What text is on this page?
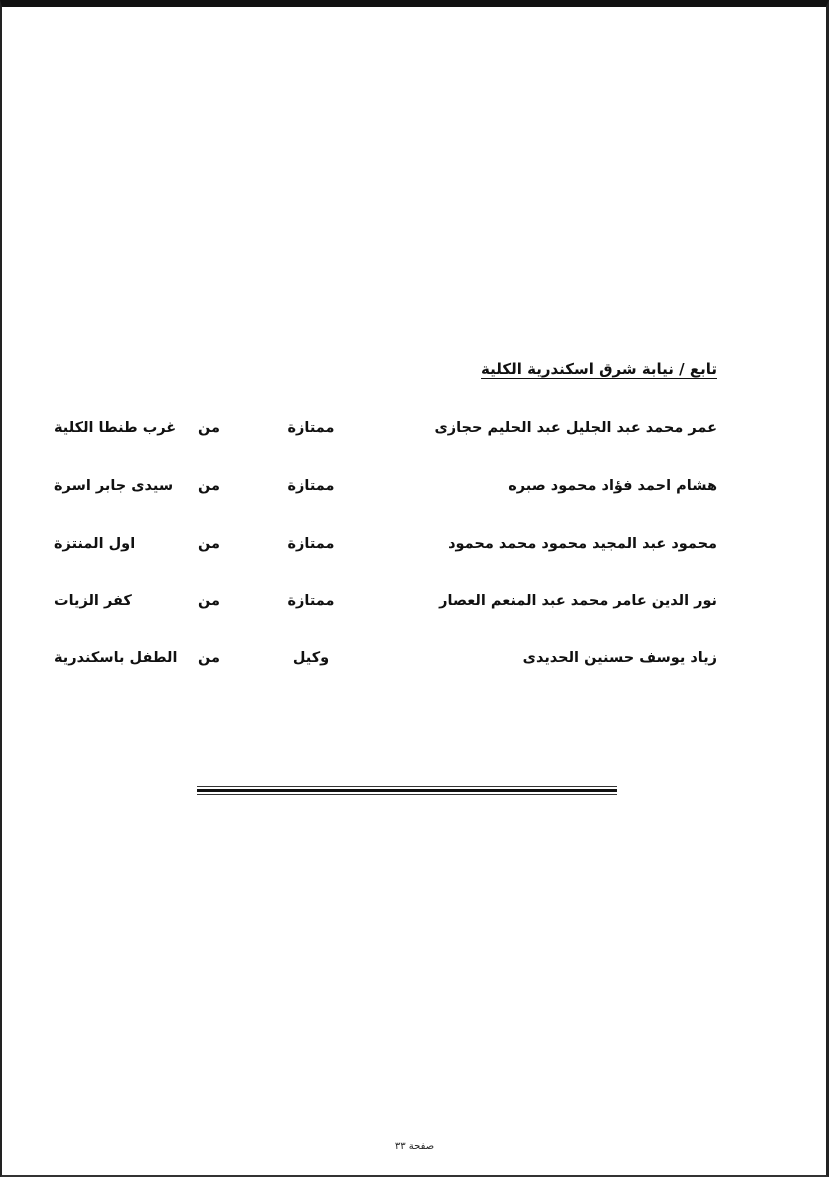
تابع / نيابة شرق اسكندرية الكلية
عمر محمد عبد الجليل عبد الحليم حجازى
ممتازة
من
غرب طنطا الكلية
هشام احمد فؤاد محمود صبره
ممتازة
من
سيدى جابر اسرة
محمود عبد المجيد محمود محمد محمود
ممتازة
من
اول المنتزة
نور الدين عامر محمد عبد المنعم العصار
ممتازة
من
كفر الزيات
زياد يوسف حسنين الحديدى
وكيل
من
الطفل باسكندرية
صفحة ٣٣
